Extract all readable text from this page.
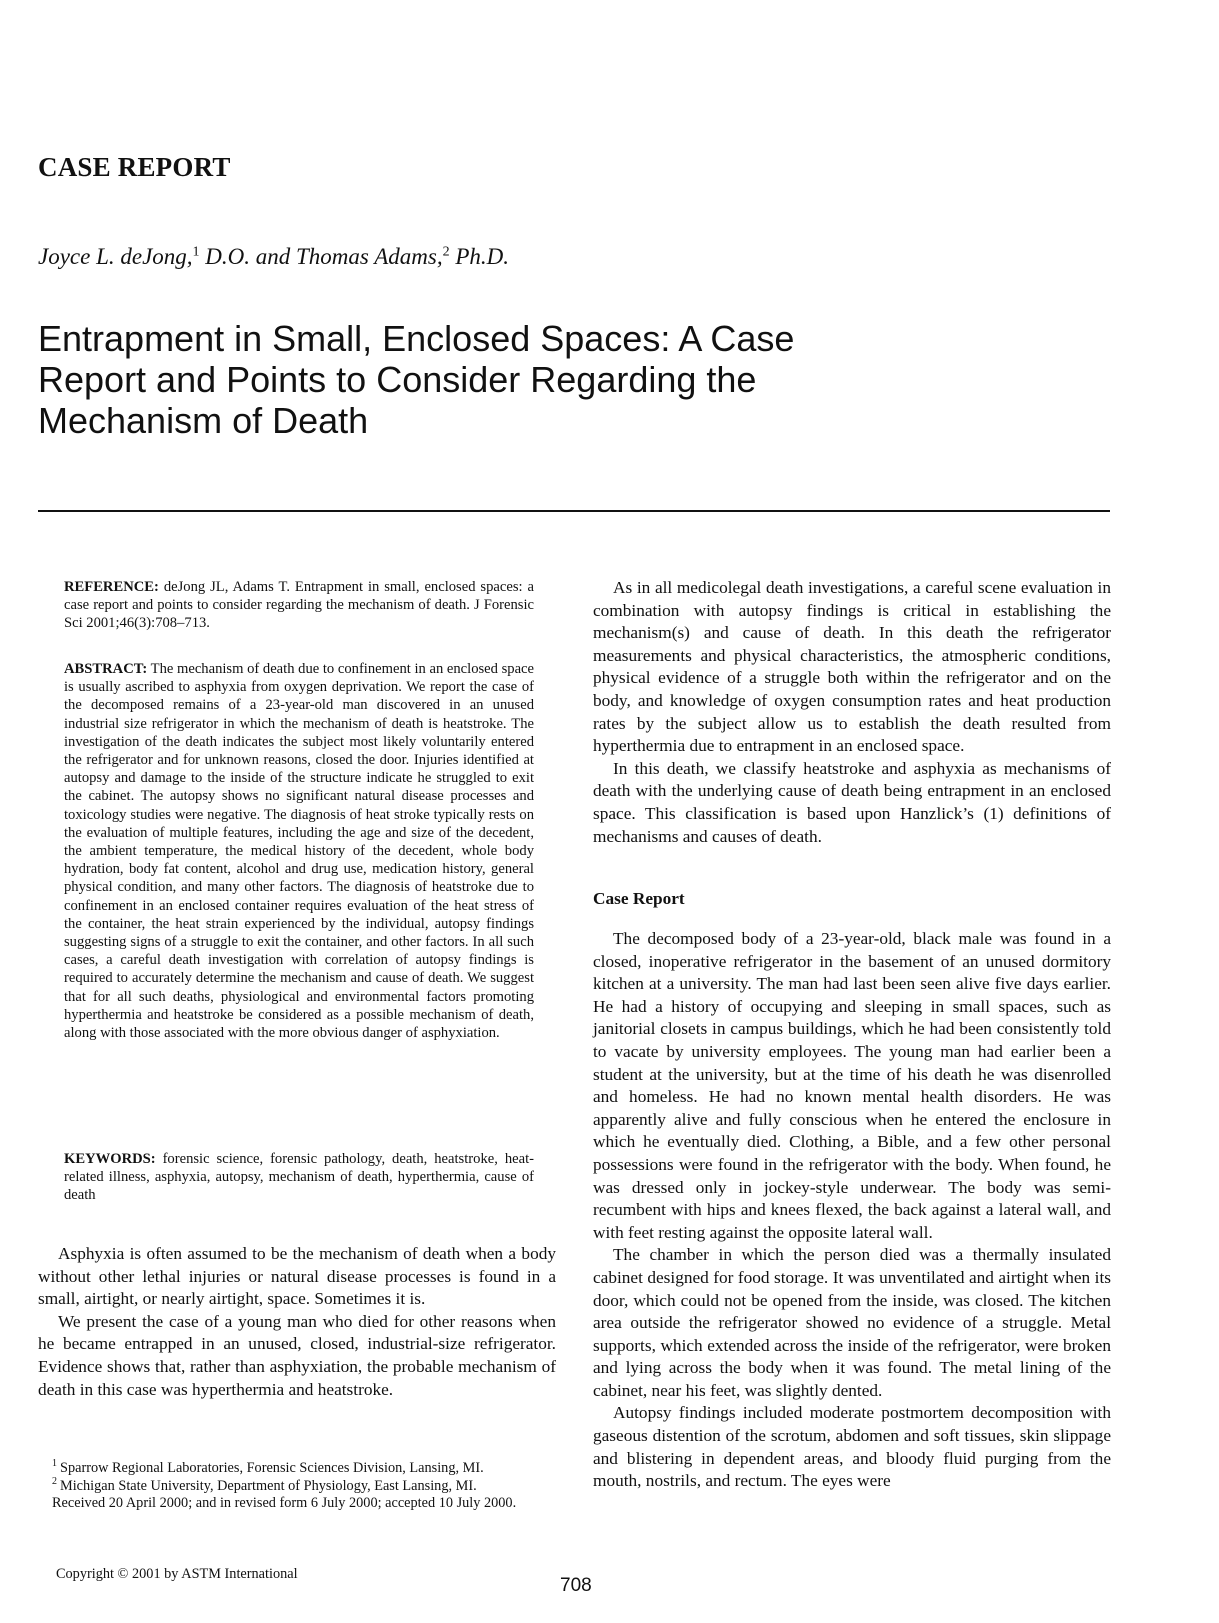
CASE REPORT
Joyce L. deJong,$^1$ D.O. and Thomas Adams,$^2$ Ph.D.
Entrapment in Small, Enclosed Spaces: A Case
Report and Points to Consider Regarding the
Mechanism of Death
REFERENCE: deJong JL, Adams T. Entrapment in small, enclosed spaces: a case report and points to consider regarding the mechanism of death. J Forensic Sci 2001;46(3):708–713.
ABSTRACT: The mechanism of death due to confinement in an enclosed space is usually ascribed to asphyxia from oxygen deprivation. We report the case of the decomposed remains of a 23-year-old man discovered in an unused industrial size refrigerator in which the mechanism of death is heatstroke. The investigation of the death indicates the subject most likely voluntarily entered the refrigerator and for unknown reasons, closed the door. Injuries identified at autopsy and damage to the inside of the structure indicate he struggled to exit the cabinet. The autopsy shows no significant natural disease processes and toxicology studies were negative. The diagnosis of heat stroke typically rests on the evaluation of multiple features, including the age and size of the decedent, the ambient temperature, the medical history of the decedent, whole body hydration, body fat content, alcohol and drug use, medication history, general physical condition, and many other factors. The diagnosis of heatstroke due to confinement in an enclosed container requires evaluation of the heat stress of the container, the heat strain experienced by the individual, autopsy findings suggesting signs of a struggle to exit the container, and other factors. In all such cases, a careful death investigation with correlation of autopsy findings is required to accurately determine the mechanism and cause of death. We suggest that for all such deaths, physiological and environmental factors promoting hyperthermia and heatstroke be considered as a possible mechanism of death, along with those associated with the more obvious danger of asphyxiation.
KEYWORDS: forensic science, forensic pathology, death, heatstroke, heat-related illness, asphyxia, autopsy, mechanism of death, hyperthermia, cause of death

Asphyxia is often assumed to be the mechanism of death when a body without other lethal injuries or natural disease processes is found in a small, airtight, or nearly airtight, space. Sometimes it is.

We present the case of a young man who died for other reasons when he became entrapped in an unused, closed, industrial-size refrigerator. Evidence shows that, rather than asphyxiation, the probable mechanism of death in this case was hyperthermia and heatstroke.

$^1$ Sparrow Regional Laboratories, Forensic Sciences Division, Lansing, MI.
$^2$ Michigan State University, Department of Physiology, East Lansing, MI.
Received 20 April 2000; and in revised form 6 July 2000; accepted 10 July 2000.

As in all medicolegal death investigations, a careful scene evaluation in combination with autopsy findings is critical in establishing the mechanism(s) and cause of death. In this death the refrigerator measurements and physical characteristics, the atmospheric conditions, physical evidence of a struggle both within the refrigerator and on the body, and knowledge of oxygen consumption rates and heat production rates by the subject allow us to establish the death resulted from hyperthermia due to entrapment in an enclosed space.

In this death, we classify heatstroke and asphyxia as mechanisms of death with the underlying cause of death being entrapment in an enclosed space. This classification is based upon Hanzlick’s (1) definitions of mechanisms and causes of death.

Case Report

The decomposed body of a 23-year-old, black male was found in a closed, inoperative refrigerator in the basement of an unused dormitory kitchen at a university. The man had last been seen alive five days earlier. He had a history of occupying and sleeping in small spaces, such as janitorial closets in campus buildings, which he had been consistently told to vacate by university employees. The young man had earlier been a student at the university, but at the time of his death he was disenrolled and homeless. He had no known mental health disorders. He was apparently alive and fully conscious when he entered the enclosure in which he eventually died. Clothing, a Bible, and a few other personal possessions were found in the refrigerator with the body. When found, he was dressed only in jockey-style underwear. The body was semi-recumbent with hips and knees flexed, the back against a lateral wall, and with feet resting against the opposite lateral wall.

The chamber in which the person died was a thermally insulated cabinet designed for food storage. It was unventilated and airtight when its door, which could not be opened from the inside, was closed. The kitchen area outside the refrigerator showed no evidence of a struggle. Metal supports, which extended across the inside of the refrigerator, were broken and lying across the body when it was found. The metal lining of the cabinet, near his feet, was slightly dented.

Autopsy findings included moderate postmortem decomposition with gaseous distention of the scrotum, abdomen and soft tissues, skin slippage and blistering in dependent areas, and bloody fluid purging from the mouth, nostrils, and rectum. The eyes were

Copyright © 2001 by ASTM International
708
